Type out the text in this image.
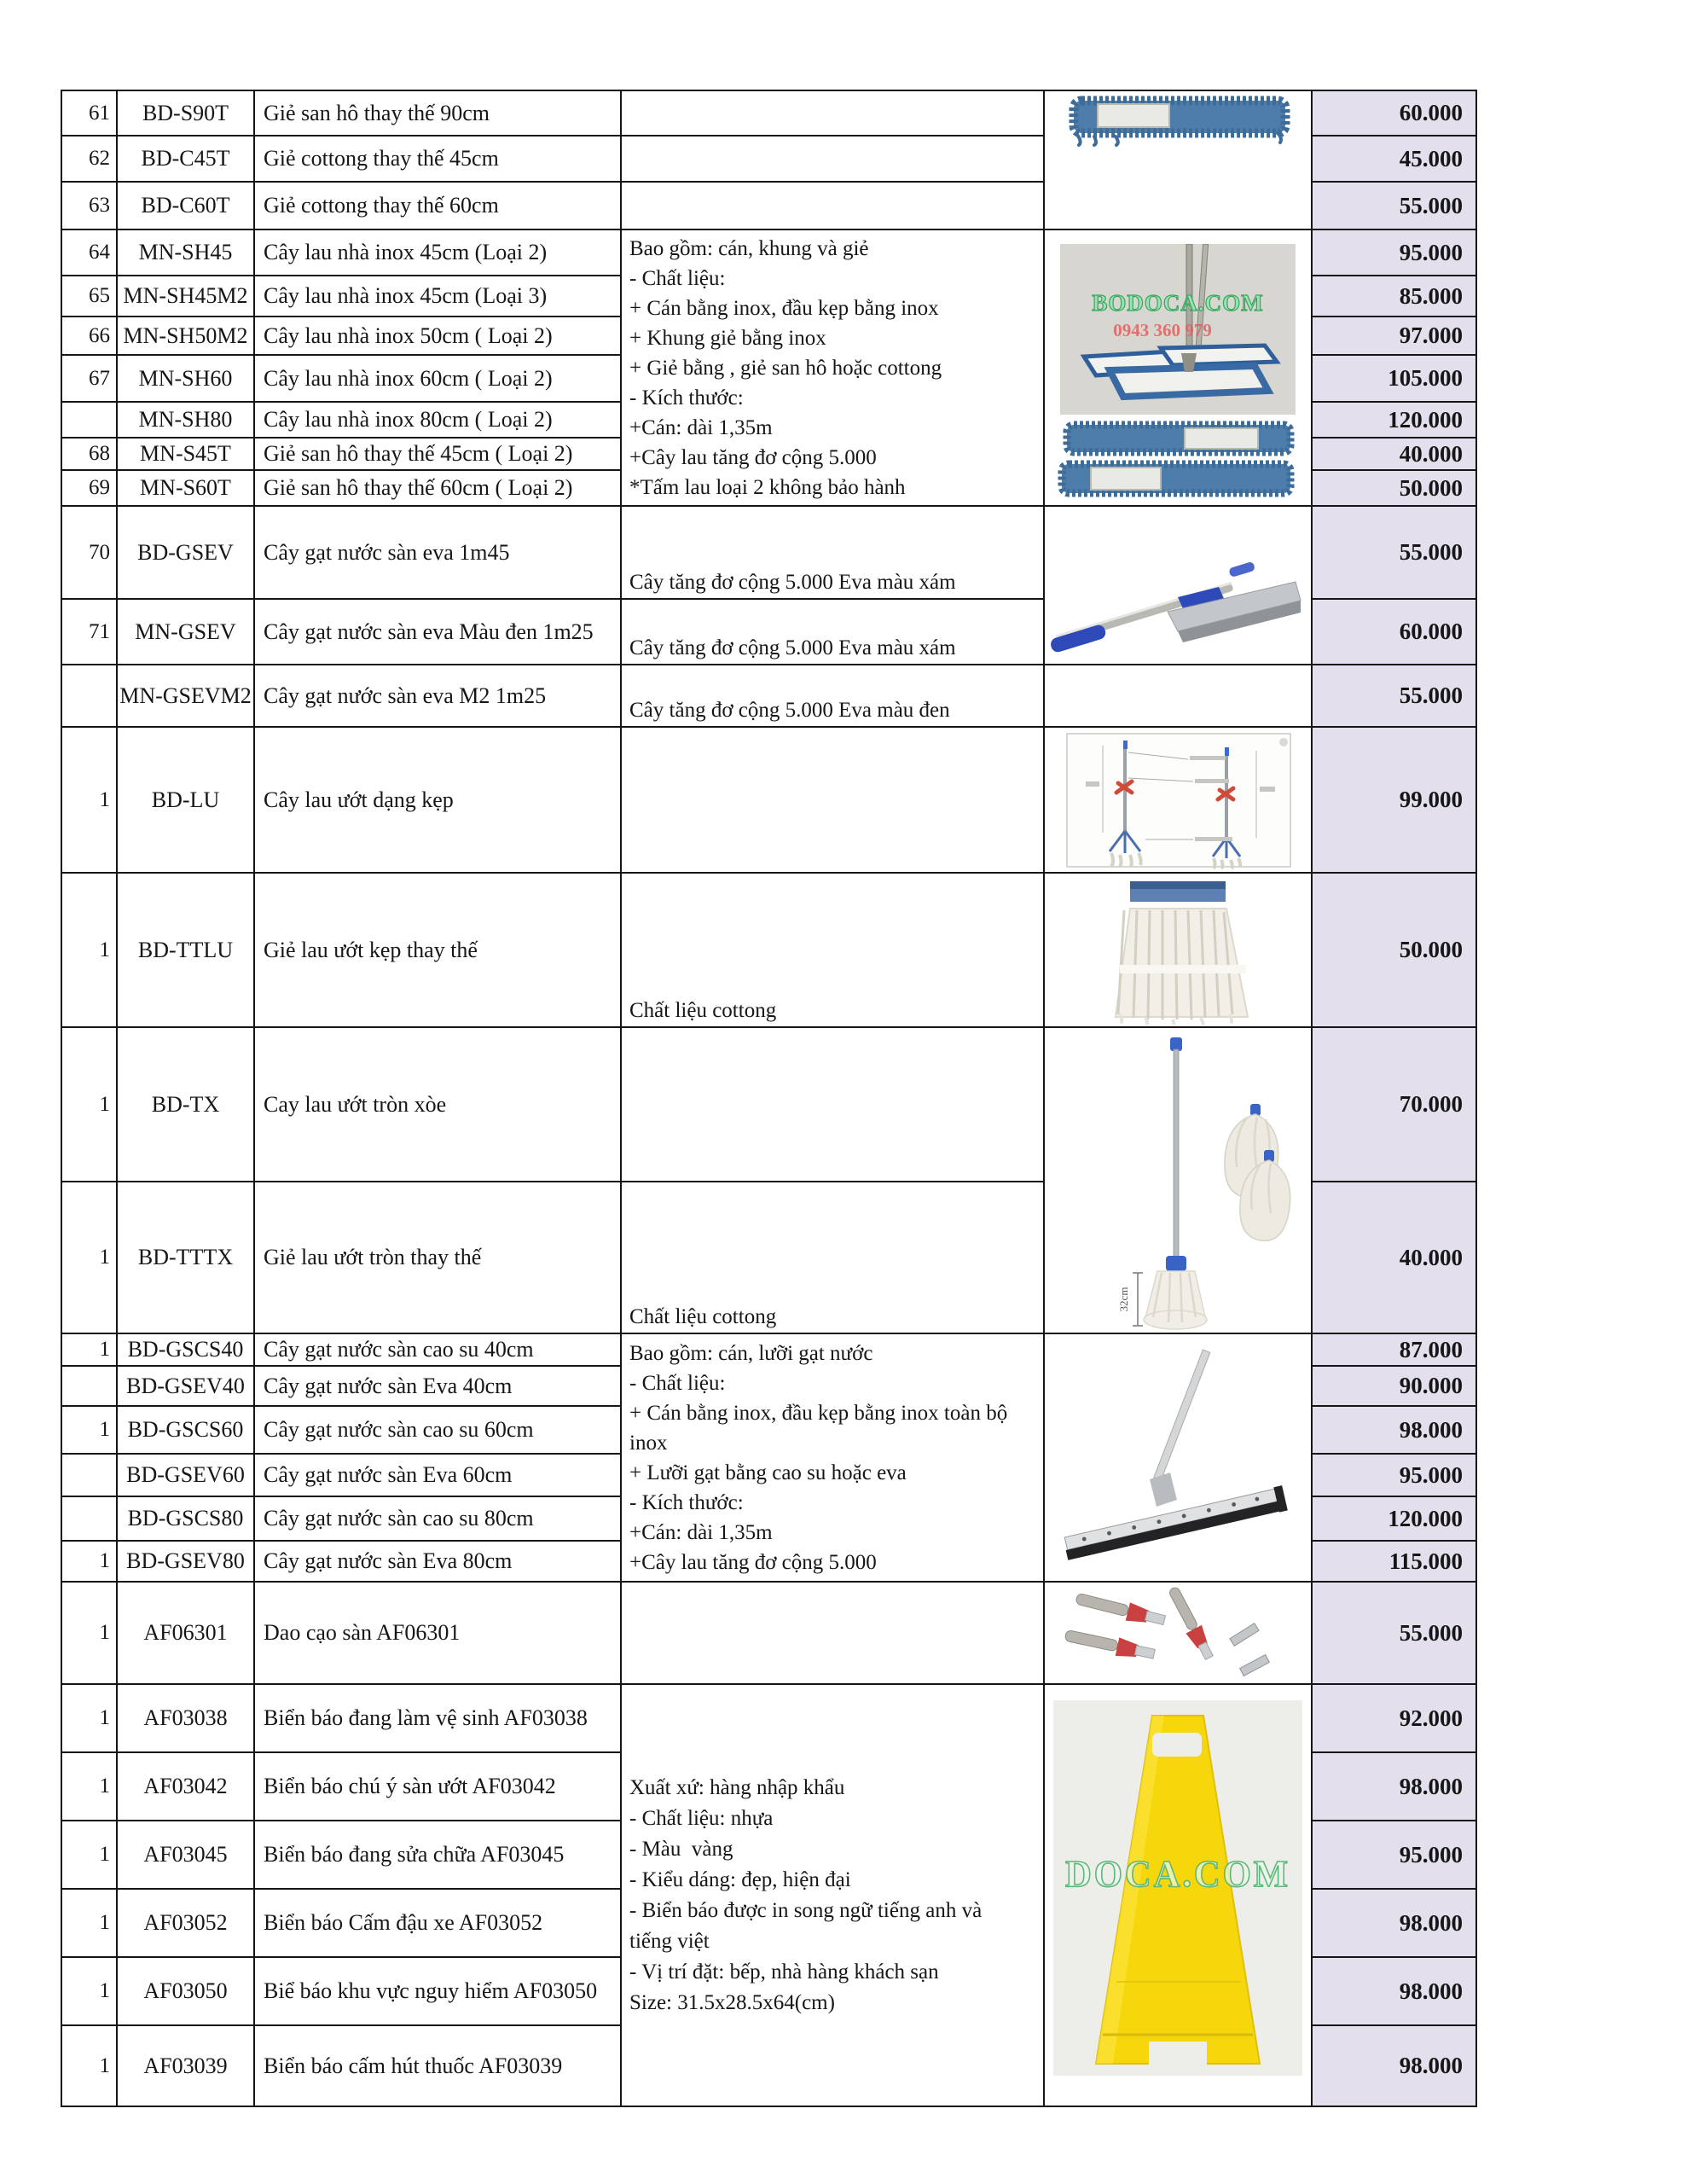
61	BD-S90T	Giẻ san hô thay thế 90cm			60.000
62	BD-C45T	Giẻ cottong thay thế 45cm			45.000
63	BD-C60T	Giẻ cottong thay thế 60cm			55.000
64	MN-SH45	Cây lau nhà inox 45cm (Loại 2)	Bao gồm: cán, khung và giẻ
- Chất liệu:
+ Cán bằng inox, đầu kẹp bằng inox
+ Khung giẻ bằng inox
+ Giẻ bằng , giẻ san hô hoặc cottong
- Kích thước:
+Cán: dài 1,35m
+Cây lau tăng đơ cộng 5.000
*Tấm lau loại 2 không bảo hành

BODOCA.COM
0943 360 979
	95.000
65	MN-SH45M2	Cây lau nhà inox 45cm (Loại 3)			85.000
66	MN-SH50M2	Cây lau nhà inox 50cm ( Loại 2)			97.000
67	MN-SH60	Cây lau nhà inox 60cm ( Loại 2)			105.000
	MN-SH80	Cây lau nhà inox 80cm ( Loại 2)			120.000
68	MN-S45T	Giẻ san hô thay thế 45cm ( Loại 2)			40.000
69	MN-S60T	Giẻ san hô thay thế 60cm ( Loại 2)			50.000
70	BD-GSEV	Cây gạt nước sàn eva 1m45	Cây tăng đơ cộng 5.000 Eva màu xám		55.000
71	MN-GSEV	Cây gạt nước sàn eva Màu đen 1m25	Cây tăng đơ cộng 5.000 Eva màu xám		60.000
	MN-GSEVM2	Cây gạt nước sàn eva M2 1m25	Cây tăng đơ cộng 5.000 Eva màu đen		55.000
1	BD-LU	Cây lau ướt dạng kẹp			99.000
1	BD-TTLU	Giẻ lau ướt kẹp thay thế	Chất liệu cottong		50.000
1	BD-TX	Cay lau ướt tròn xòe		32cm	70.000
1	BD-TTTX	Giẻ lau ướt tròn thay thế	Chất liệu cottong		40.000
1	BD-GSCS40	Cây gạt nước sàn cao su 40cm	Bao gồm: cán, lưỡi gạt nước
- Chất liệu:
+ Cán bằng inox, đầu kẹp bằng inox toàn bộ
inox
+ Lưỡi gạt bằng cao su hoặc eva
- Kích thước:
+Cán: dài 1,35m
+Cây lau tăng đơ cộng 5.000

	87.000
	BD-GSEV40	Cây gạt nước sàn Eva 40cm			90.000
1	BD-GSCS60	Cây gạt nước sàn cao su 60cm			98.000
	BD-GSEV60	Cây gạt nước sàn Eva 60cm			95.000
	BD-GSCS80	Cây gạt nước sàn cao su 80cm			120.000
1	BD-GSEV80	Cây gạt nước sàn Eva 80cm			115.000
1	AF06301	Dao cạo sàn AF06301			55.000
1	AF03038	Biển báo đang làm vệ sinh AF03038	
Xuất xứ: hàng nhập khẩu
- Chất liệu: nhựa
- Màu  vàng
- Kiểu dáng: đẹp, hiện đại
- Biển báo được in song ngữ tiếng anh và
tiếng việt
- Vị trí đặt: bếp, nhà hàng khách sạn
Size: 31.5x28.5x64(cm)

DOCA.COM
	92.000
1	AF03042	Biển báo chú ý sàn ướt AF03042			98.000
1	AF03045	Biển báo đang sửa chữa AF03045			95.000
1	AF03052	Biển báo Cấm đậu xe AF03052			98.000
1	AF03050	Biể báo khu vực nguy hiểm AF03050			98.000
1	AF03039	Biển báo cấm hút thuốc AF03039			98.000
